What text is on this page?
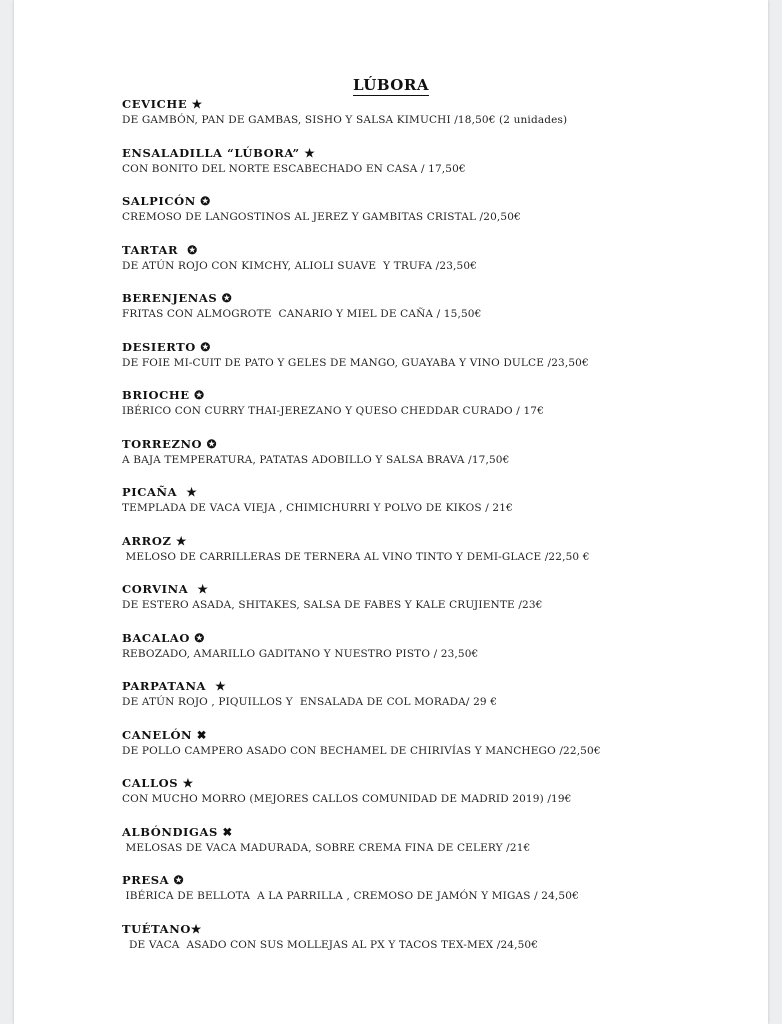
LÚBORA
CEVICHE ★
DE GAMBÓN, PAN DE GAMBAS, SISHO Y SALSA KIMUCHI /18,50€ (2 unidades)
ENSALADILLA “LÚBORA” ★
CON BONITO DEL NORTE ESCABECHADO EN CASA / 17,50€
SALPICÓN ✪
CREMOSO DE LANGOSTINOS AL JEREZ Y GAMBITAS CRISTAL /20,50€
TARTAR  ✪
DE ATÚN ROJO CON KIMCHY, ALIOLI SUAVE  Y TRUFA /23,50€
BERENJENAS ✪
FRITAS CON ALMOGROTE  CANARIO Y MIEL DE CAÑA / 15,50€
DESIERTO ✪
DE FOIE MI-CUIT DE PATO Y GELES DE MANGO, GUAYABA Y VINO DULCE /23,50€
BRIOCHE ✪
IBÉRICO CON CURRY THAI-JEREZANO Y QUESO CHEDDAR CURADO / 17€
TORREZNO ✪
A BAJA TEMPERATURA, PATATAS ADOBILLO Y SALSA BRAVA /17,50€
PICAÑA  ★
TEMPLADA DE VACA VIEJA , CHIMICHURRI Y POLVO DE KIKOS / 21€
ARROZ ★
MELOSO DE CARRILLERAS DE TERNERA AL VINO TINTO Y DEMI-GLACE /22,50 €
CORVINA  ★
DE ESTERO ASADA, SHITAKES, SALSA DE FABES Y KALE CRUJIENTE /23€
BACALAO ✪
REBOZADO, AMARILLO GADITANO Y NUESTRO PISTO / 23,50€
PARPATANA  ★
DE ATÚN ROJO , PIQUILLOS Y  ENSALADA DE COL MORADA/ 29 €
CANELÓN ✖
DE POLLO CAMPERO ASADO CON BECHAMEL DE CHIRIVÍAS Y MANCHEGO /22,50€
CALLOS ★
CON MUCHO MORRO (MEJORES CALLOS COMUNIDAD DE MADRID 2019) /19€
ALBÓNDIGAS ✖
MELOSAS DE VACA MADURADA, SOBRE CREMA FINA DE CELERY /21€
PRESA ✪
IBÉRICA DE BELLOTA  A LA PARRILLA , CREMOSO DE JAMÓN Y MIGAS / 24,50€
TUÉTANO★
DE VACA  ASADO CON SUS MOLLEJAS AL PX Y TACOS TEX-MEX /24,50€
